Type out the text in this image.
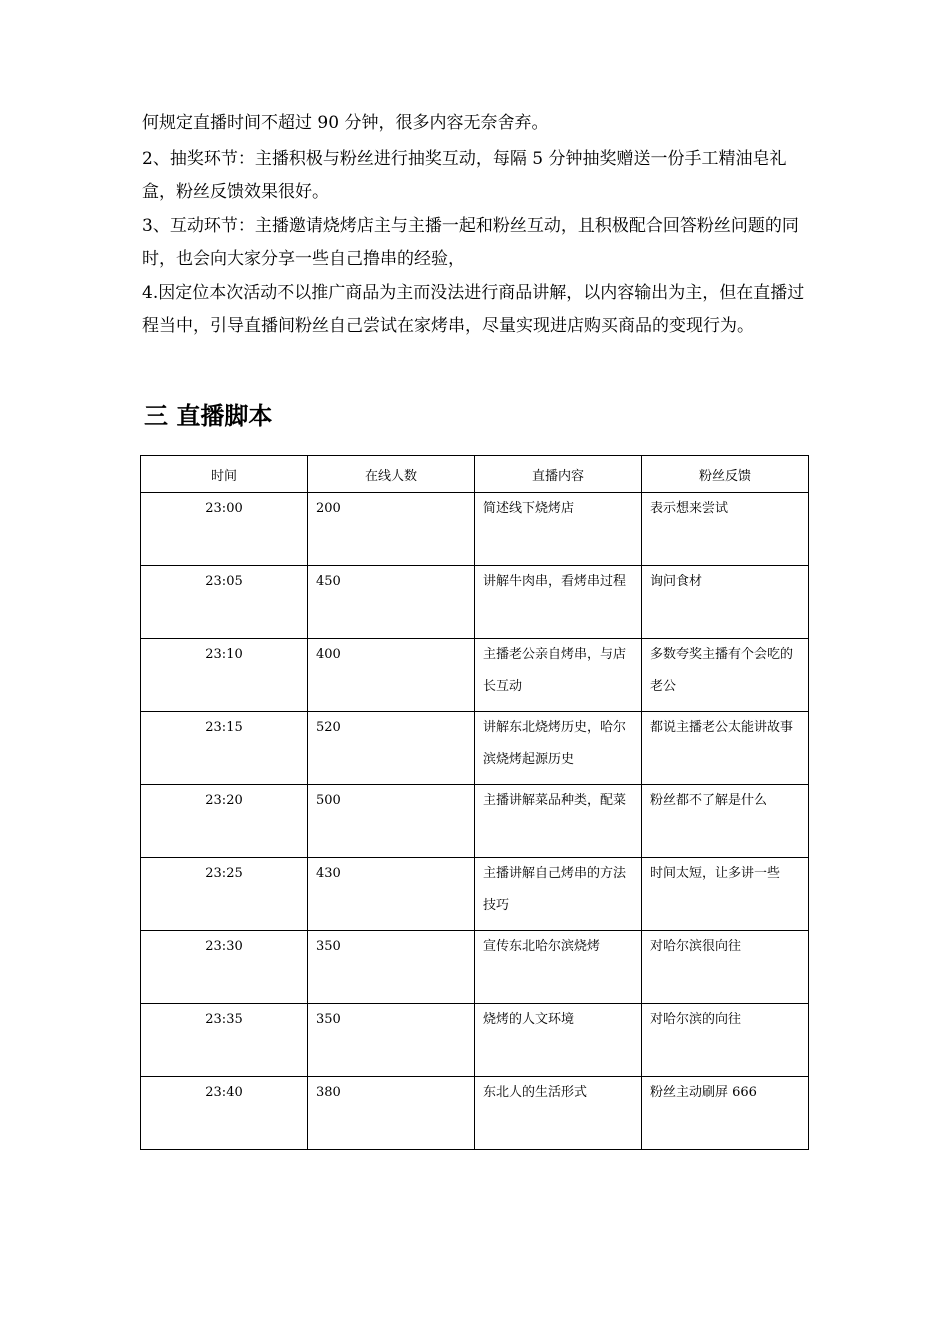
何规定直播时间不超过 90 分钟，很多内容无奈舍弃。

2、抽奖环节：主播积极与粉丝进行抽奖互动，每隔 5 分钟抽奖赠送一份手工精油皂礼盒，粉丝反馈效果很好。

3、互动环节：主播邀请烧烤店主与主播一起和粉丝互动，且积极配合回答粉丝问题的同时，也会向大家分享一些自己撸串的经验，

4.因定位本次活动不以推广商品为主而没法进行商品讲解，以内容输出为主，但在直播过程当中，引导直播间粉丝自己尝试在家烤串，尽量实现进店购买商品的变现行为。

三 直播脚本
时间	在线人数	直播内容	粉丝反馈
23:00	200	简述线下烧烤店	表示想来尝试
23:05	450	讲解牛肉串，看烤串过程	询问食材
23:10	400	主播老公亲自烤串，与店长互动	多数夸奖主播有个会吃的老公
23:15	520	讲解东北烧烤历史，哈尔滨烧烤起源历史	都说主播老公太能讲故事
23:20	500	主播讲解菜品种类，配菜	粉丝都不了解是什么
23:25	430	主播讲解自己烤串的方法技巧	时间太短，让多讲一些
23:30	350	宣传东北哈尔滨烧烤	对哈尔滨很向往
23:35	350	烧烤的人文环境	对哈尔滨的向往
23:40	380	东北人的生活形式	粉丝主动刷屏 666
